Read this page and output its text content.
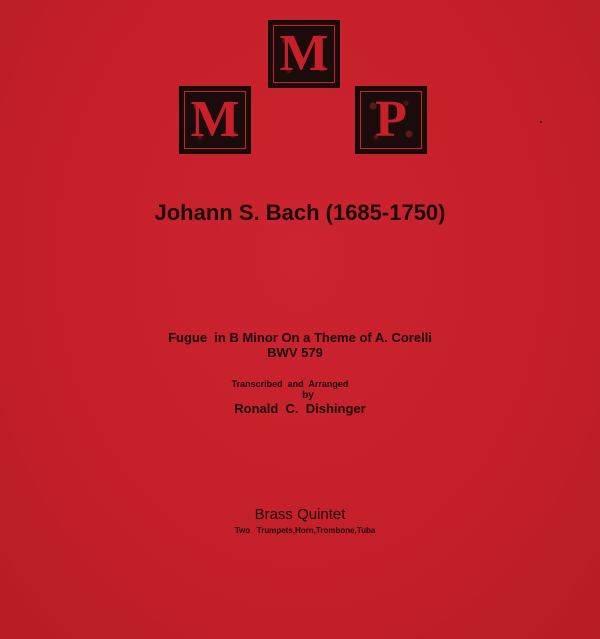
M
M	P
Johann S. Bach (1685-1750)
Fugue  in B Minor On a Theme of A. Corelli
BWV 579
Transcribed  and  Arranged
by
Ronald  C.  Dishinger
Brass Quintet
Two   Trumpets,Horn,Trombone,Tuba
